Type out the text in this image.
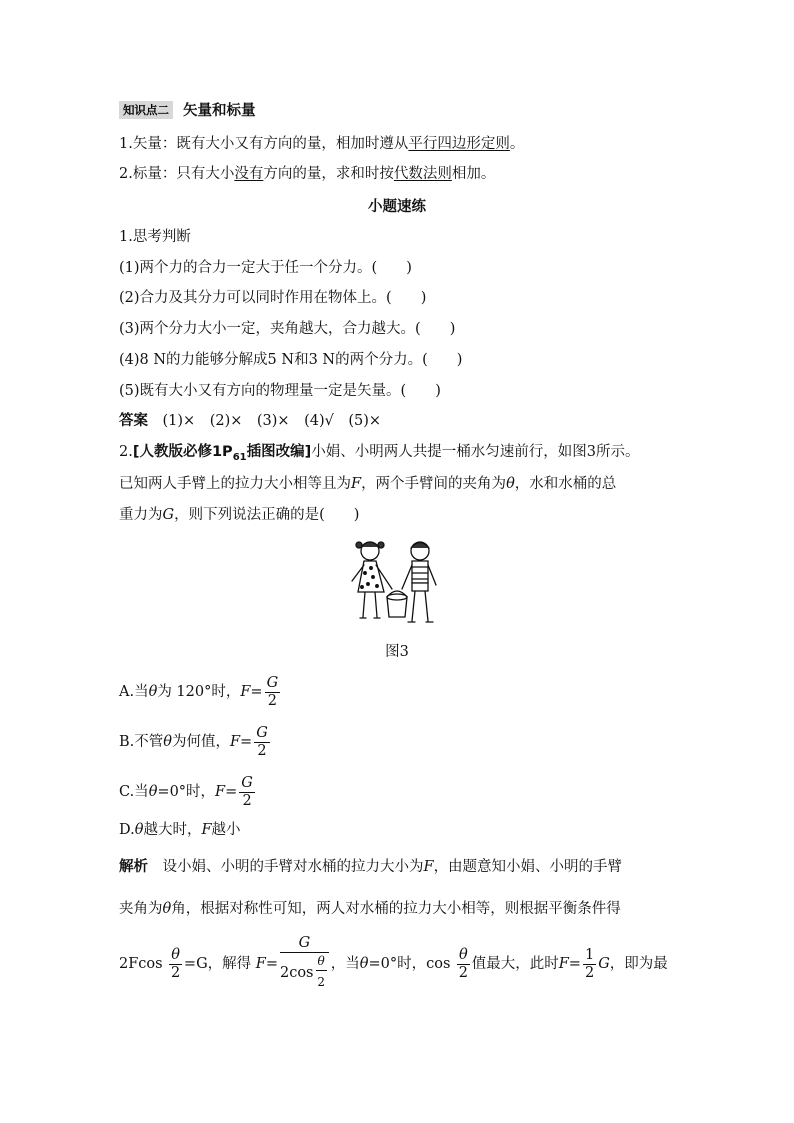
知识点二 矢量和标量
1.矢量：既有大小又有方向的量，相加时遵从平行四边形定则。
2.标量：只有大小没有方向的量，求和时按代数法则相加。
小题速练
1.思考判断
(1)两个力的合力一定大于任一个分力。(　　)
(2)合力及其分力可以同时作用在物体上。(　　)
(3)两个分力大小一定，夹角越大，合力越大。(　　)
(4)8 N的力能够分解成5 N和3 N的两个分力。(　　)
(5)既有大小又有方向的物理量一定是矢量。(　　)
答案　 (1)×　(2)×　(3)×　(4)√　(5)×
2.[人教版必修$1P_{61}$插图改编]小娟、小明两人共提一桶水匀速前行，如图3所示。
已知两人手臂上的拉力大小相等且为F，两个手臂间的夹角为θ，水和水桶的总
重力为G，则下列说法正确的是(　　)
图3
A.当θ为 120°时，$F= \frac{G}{2}$
B.不管θ为何值，$F= \frac{G}{2}$
C.当θ=0°时，$F= \frac{G}{2}$
D.θ越大时，F越小
解析　 设小娟、小明的手臂对水桶的拉力大小为F，由题意知小娟、小明的手臂
夹角为θ角，根据对称性可知，两人对水桶的拉力大小相等，则根据平衡条件得
$2Fcos \frac{\theta}{2} =G$，解得 $F= \frac{G}{2\cos \frac{\theta}{2}}$ ，当θ=0°时，$\cos \frac{\theta}{2}$ 值最大，此时$F= \frac{1}{2}$ G，即为最
